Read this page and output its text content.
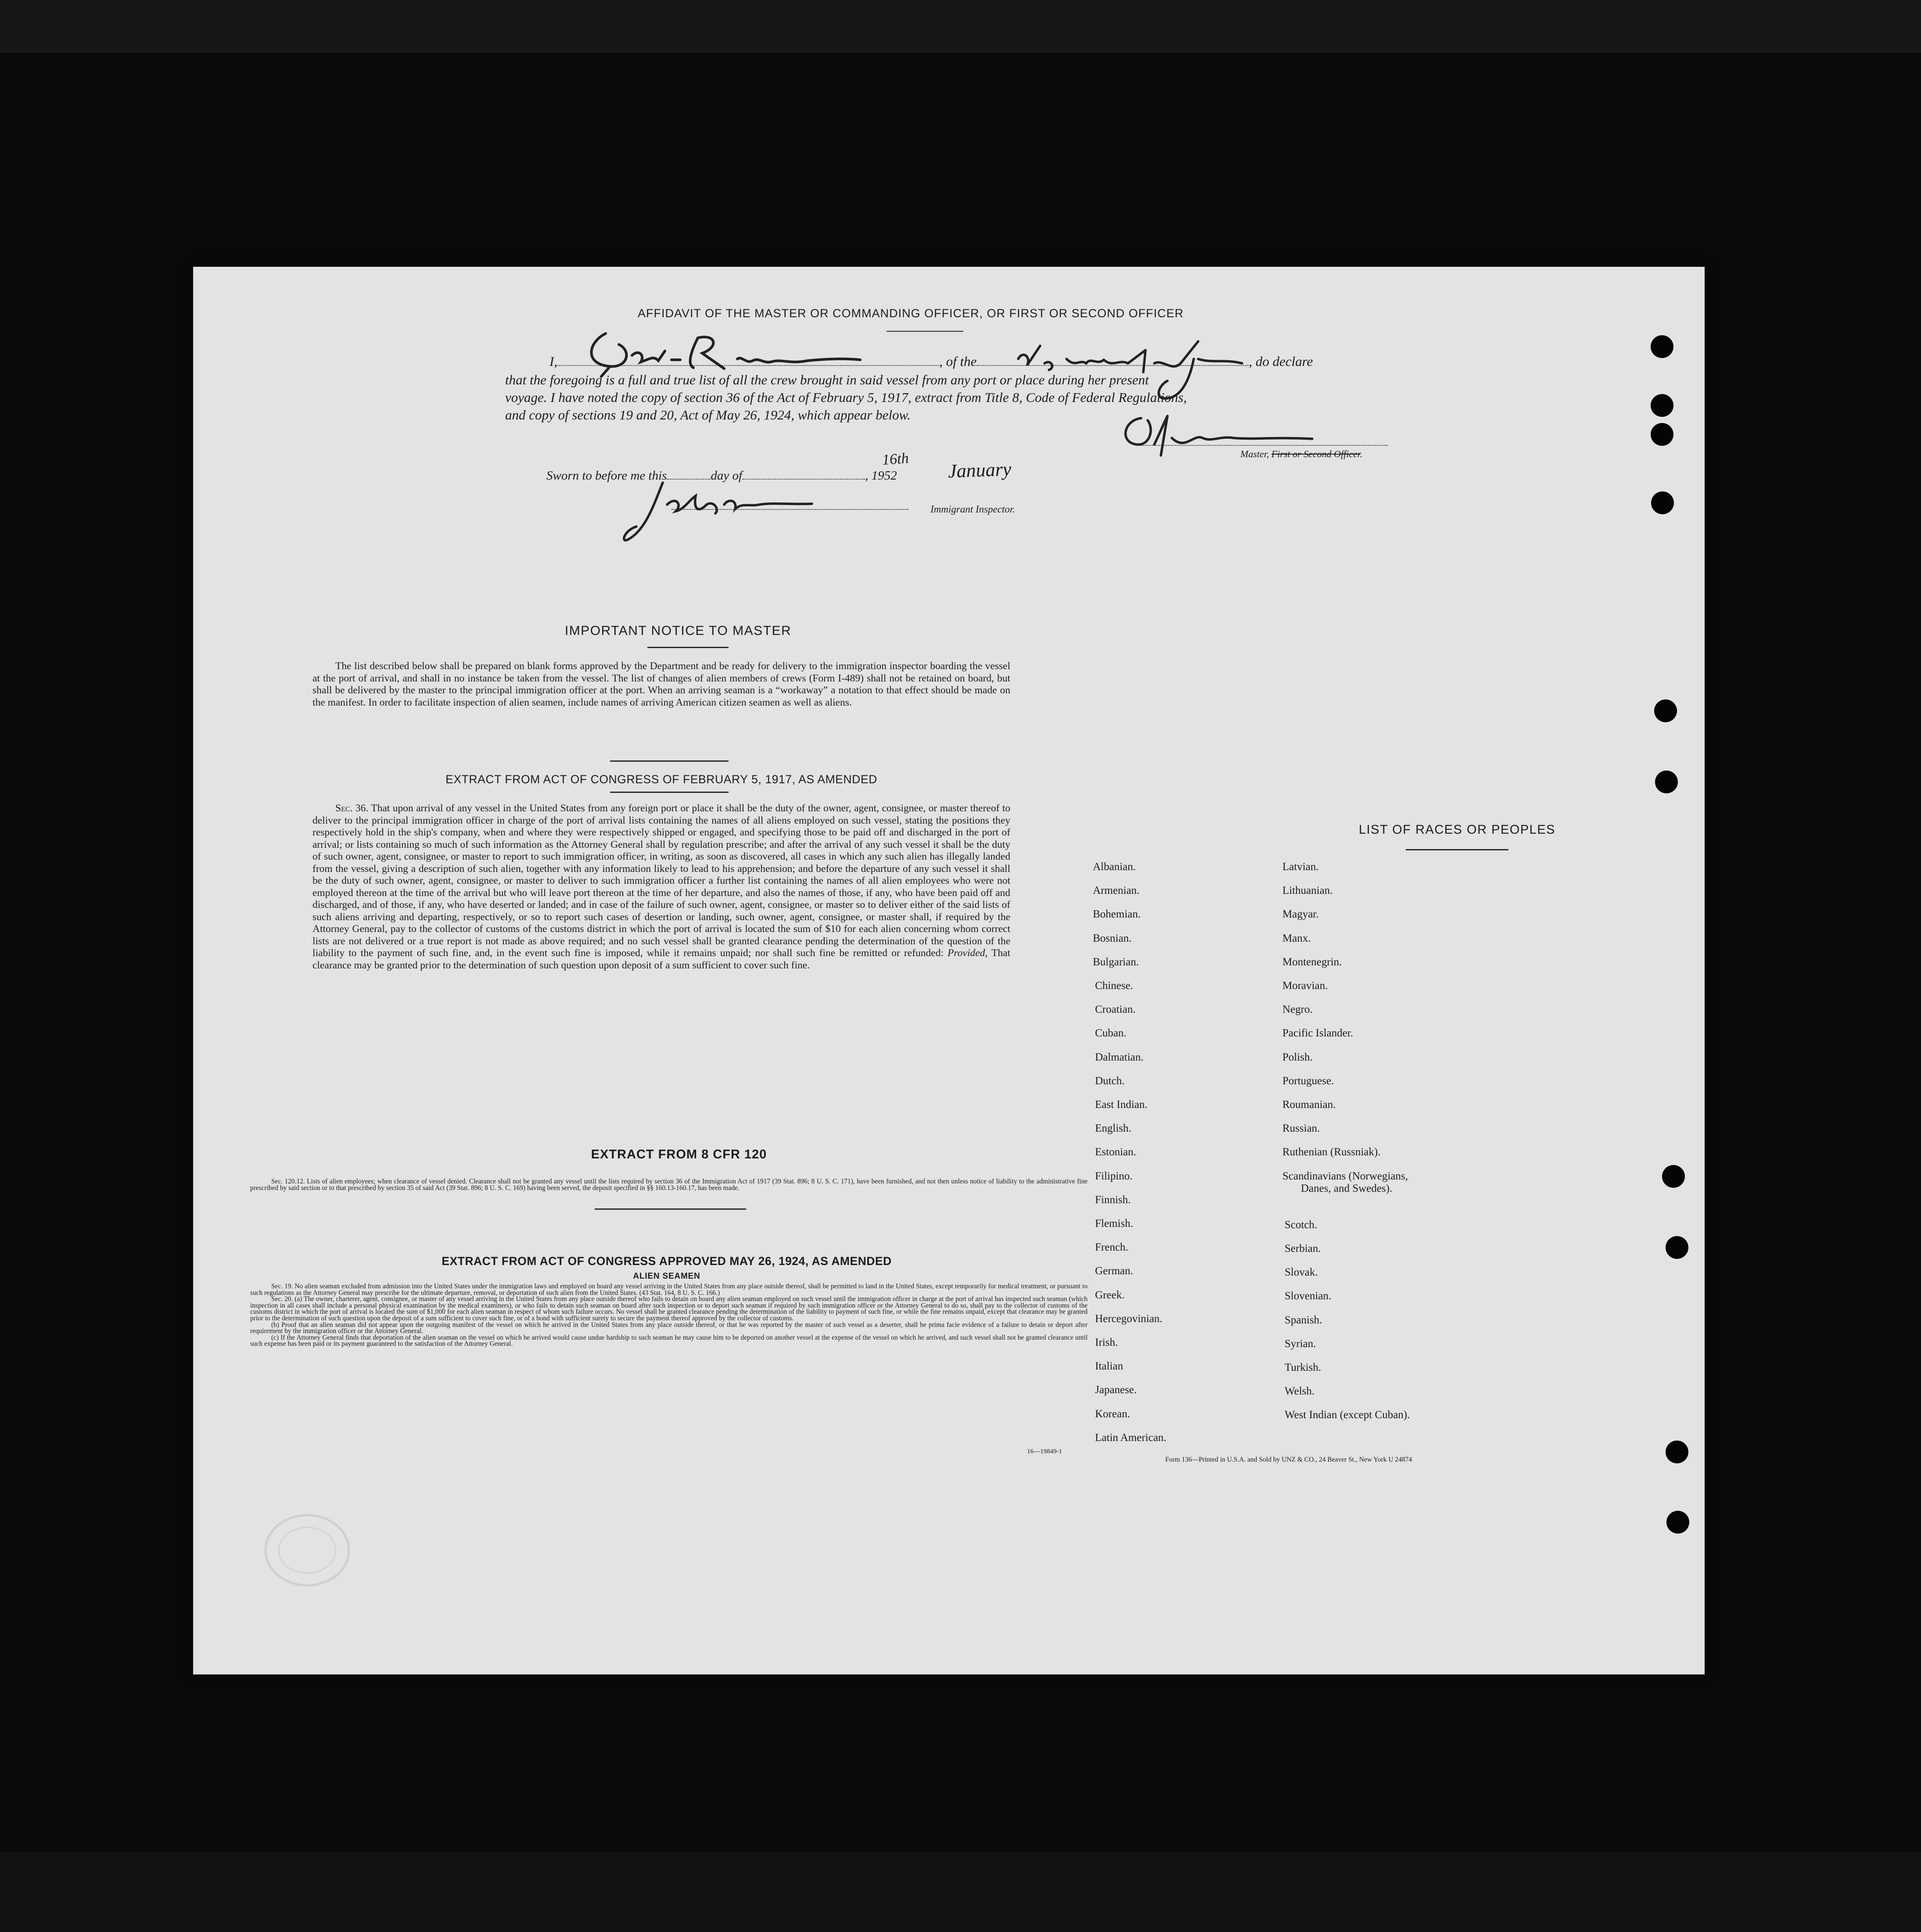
AFFIDAVIT OF THE MASTER OR COMMANDING OFFICER, OR FIRST OR SECOND OFFICER
I,	, of the	, do declare
that the foregoing is a full and true list of all the crew brought in said vessel from any port or place during her present
voyage. I have noted the copy of section 36 of the Act of February 5, 1917, extract from Title 8, Code of Federal Regulations,
and copy of sections 19 and 20, Act of May 26, 1924, which appear below.
Master, First or Second Officer.
Sworn to before me this	day of	, 1952
16th January
Immigrant Inspector.
IMPORTANT NOTICE TO MASTER
The list described below shall be prepared on blank forms approved by the Department and be ready for delivery to the immigration inspector boarding the vessel at the port of arrival, and shall in no instance be taken from the vessel. The list of changes of alien members of crews (Form I-489) shall not be retained on board, but shall be delivered by the master to the principal immigration officer at the port. When an arriving seaman is a “workaway” a notation to that effect should be made on the manifest. In order to facilitate inspection of alien seamen, include names of arriving American citizen seamen as well as aliens.
EXTRACT FROM ACT OF CONGRESS OF FEBRUARY 5, 1917, AS AMENDED
Sec. 36. That upon arrival of any vessel in the United States from any foreign port or place it shall be the duty of the owner, agent, consignee, or master thereof to deliver to the principal immigration officer in charge of the port of arrival lists containing the names of all aliens employed on such vessel, stating the positions they respectively hold in the ship's company, when and where they were respectively shipped or engaged, and specifying those to be paid off and discharged in the port of arrival; or lists containing so much of such information as the Attorney General shall by regulation prescribe; and after the arrival of any such vessel it shall be the duty of such owner, agent, consignee, or master to report to such immigration officer, in writing, as soon as discovered, all cases in which any such alien has illegally landed from the vessel, giving a description of such alien, together with any information likely to lead to his apprehension; and before the departure of any such vessel it shall be the duty of such owner, agent, consignee, or master to deliver to such immigration officer a further list containing the names of all alien employees who were not employed thereon at the time of the arrival but who will leave port thereon at the time of her departure, and also the names of those, if any, who have been paid off and discharged, and of those, if any, who have deserted or landed; and in case of the failure of such owner, agent, consignee, or master so to deliver either of the said lists of such aliens arriving and departing, respectively, or so to report such cases of desertion or landing, such owner, agent, consignee, or master shall, if required by the Attorney General, pay to the collector of customs of the customs district in which the port of arrival is located the sum of $10 for each alien concerning whom correct lists are not delivered or a true report is not made as above required; and no such vessel shall be granted clearance pending the determination of the question of the liability to the payment of such fine, and, in the event such fine is imposed, while it remains unpaid; nor shall such fine be remitted or refunded: Provided, That clearance may be granted prior to the determination of such question upon deposit of a sum sufficient to cover such fine.
EXTRACT FROM 8 CFR 120
Sec. 120.12. Lists of alien employees; when clearance of vessel denied. Clearance shall not be granted any vessel until the lists required by section 36 of the Immigration Act of 1917 (39 Stat. 896; 8 U. S. C. 171), have been furnished, and not then unless notice of liability to the administrative fine prescribed by said section or to that prescribed by section 35 of said Act (39 Stat. 896; 8 U. S. C. 169) having been served, the deposit specified in §§ 160.13-160.17, has been made.
EXTRACT FROM ACT OF CONGRESS APPROVED MAY 26, 1924, AS AMENDED
ALIEN SEAMEN
Sec. 19. No alien seaman excluded from admission into the United States under the immigration laws and employed on board any vessel arriving in the United States from any place outside thereof, shall be permitted to land in the United States, except temporarily for medical treatment, or pursuant to such regulations as the Attorney General may prescribe for the ultimate departure, removal, or deportation of such alien from the United States. (43 Stat. 164, 8 U. S. C. 166.)
Sec. 20. (a) The owner, charterer, agent, consignee, or master of any vessel arriving in the United States from any place outside thereof who fails to detain on board any alien seaman employed on such vessel until the immigration officer in charge at the port of arrival has inspected such seaman (which inspection in all cases shall include a personal physical examination by the medical examiners), or who fails to detain such seaman on board after such inspection or to deport such seaman if required by such immigration officer or the Attorney General to do so, shall pay to the collector of customs of the customs district in which the port of arrival is located the sum of $1,000 for each alien seaman in respect of whom such failure occurs. No vessel shall be granted clearance pending the determination of the liability to payment of such fine, or while the fine remains unpaid, except that clearance may be granted prior to the determination of such question upon the deposit of a sum sufficient to cover such fine, or of a bond with sufficient surety to secure the payment thereof approved by the collector of customs.
(b) Proof that an alien seaman did not appear upon the outgoing manifest of the vessel on which he arrived in the United States from any place outside thereof, or that he was reported by the master of such vessel as a deserter, shall be prima facie evidence of a failure to detain or deport after requirement by the immigration officer or the Attorney General.
(c) If the Attorney General finds that deportation of the alien seaman on the vessel on which he arrived would cause undue hardship to such seaman he may cause him to be deported on another vessel at the expense of the vessel on which he arrived, and such vessel shall not be granted clearance until such expense has been paid or its payment guaranteed to the satisfaction of the Attorney General.
16—19849-1
LIST OF RACES OR PEOPLES
Albanian.
Armenian.
Bohemian.
Bosnian.
Bulgarian.
Chinese.
Croatian.
Cuban.
Dalmatian.
Dutch.
East Indian.
English.
Estonian.
Filipino.
Finnish.
Flemish.
French.
German.
Greek.
Hercegovinian.
Irish.
Italian
Japanese.
Korean.
Latin American.
Latvian.
Lithuanian.
Magyar.
Manx.
Montenegrin.
Moravian.
Negro.
Pacific Islander.
Polish.
Portuguese.
Roumanian.
Russian.
Ruthenian (Russniak).
Scandinavians (Norwegians,
Danes, and Swedes).
Scotch.
Serbian.
Slovak.
Slovenian.
Spanish.
Syrian.
Turkish.
Welsh.
West Indian (except Cuban).
Form 136—Printed in U.S.A. and Sold by UNZ & CO., 24 Beaver St., New York U 24874
